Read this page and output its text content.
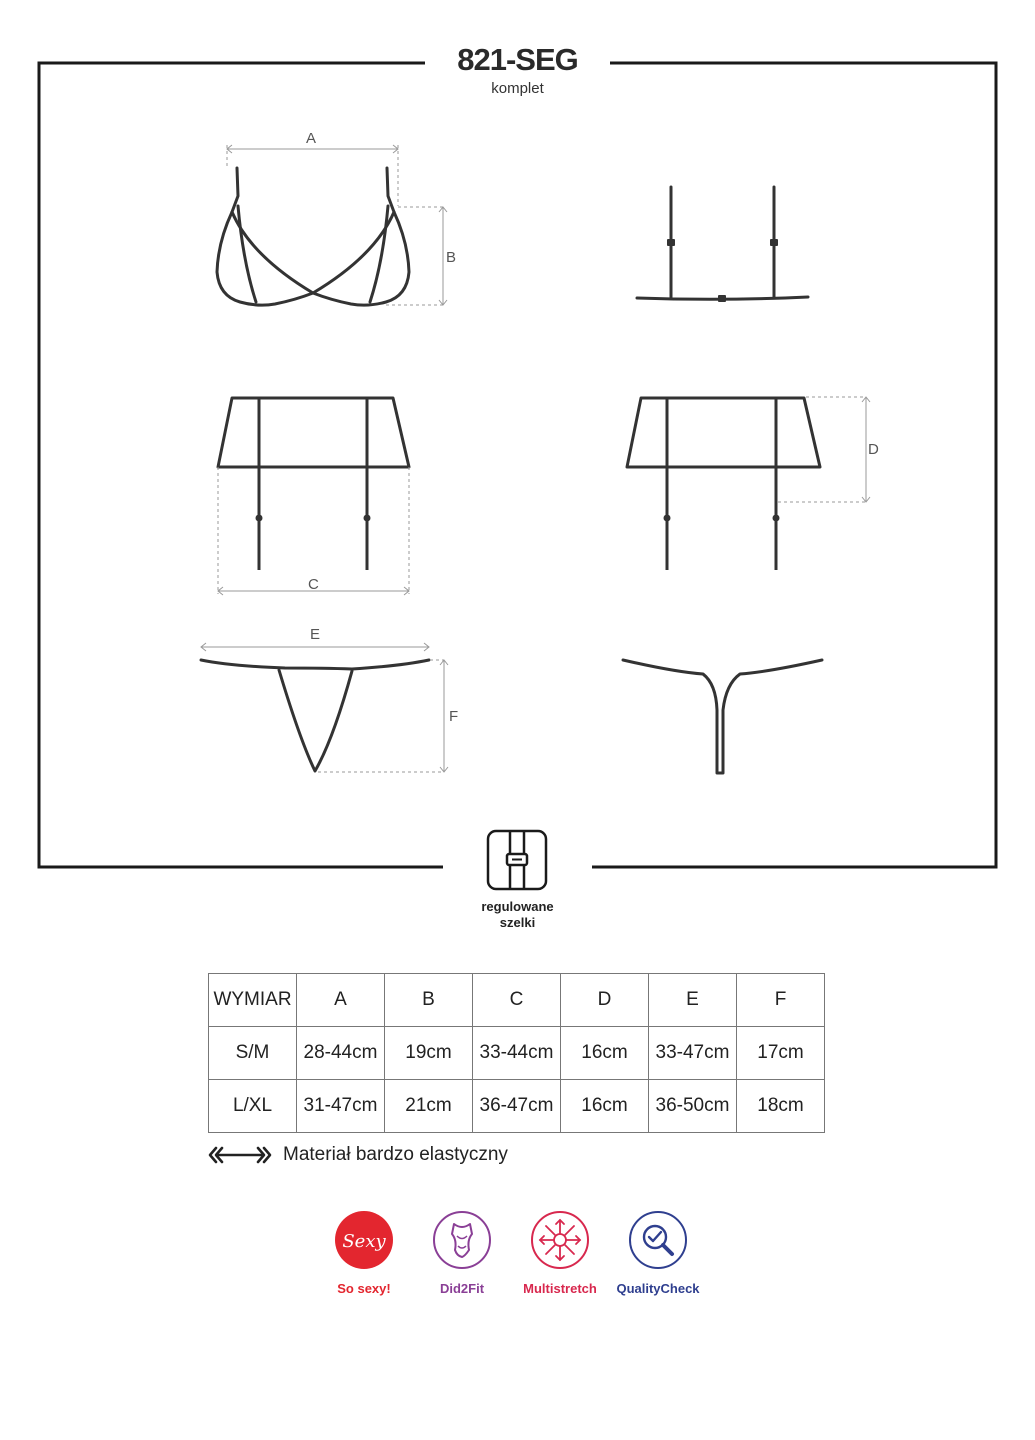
821-SEG
komplet
A
B
C
D
E
F
regulowane
szelki
WYMIAR	A	B	C	D	E	F
S/M	28-44cm	19cm	33-44cm	16cm	33-47cm	17cm
L/XL	31-47cm	21cm	36-47cm	16cm	36-50cm	18cm
Materiał bardzo elastyczny
Sexy
So sexy!	Did2Fit	Multistretch	QualityCheck
